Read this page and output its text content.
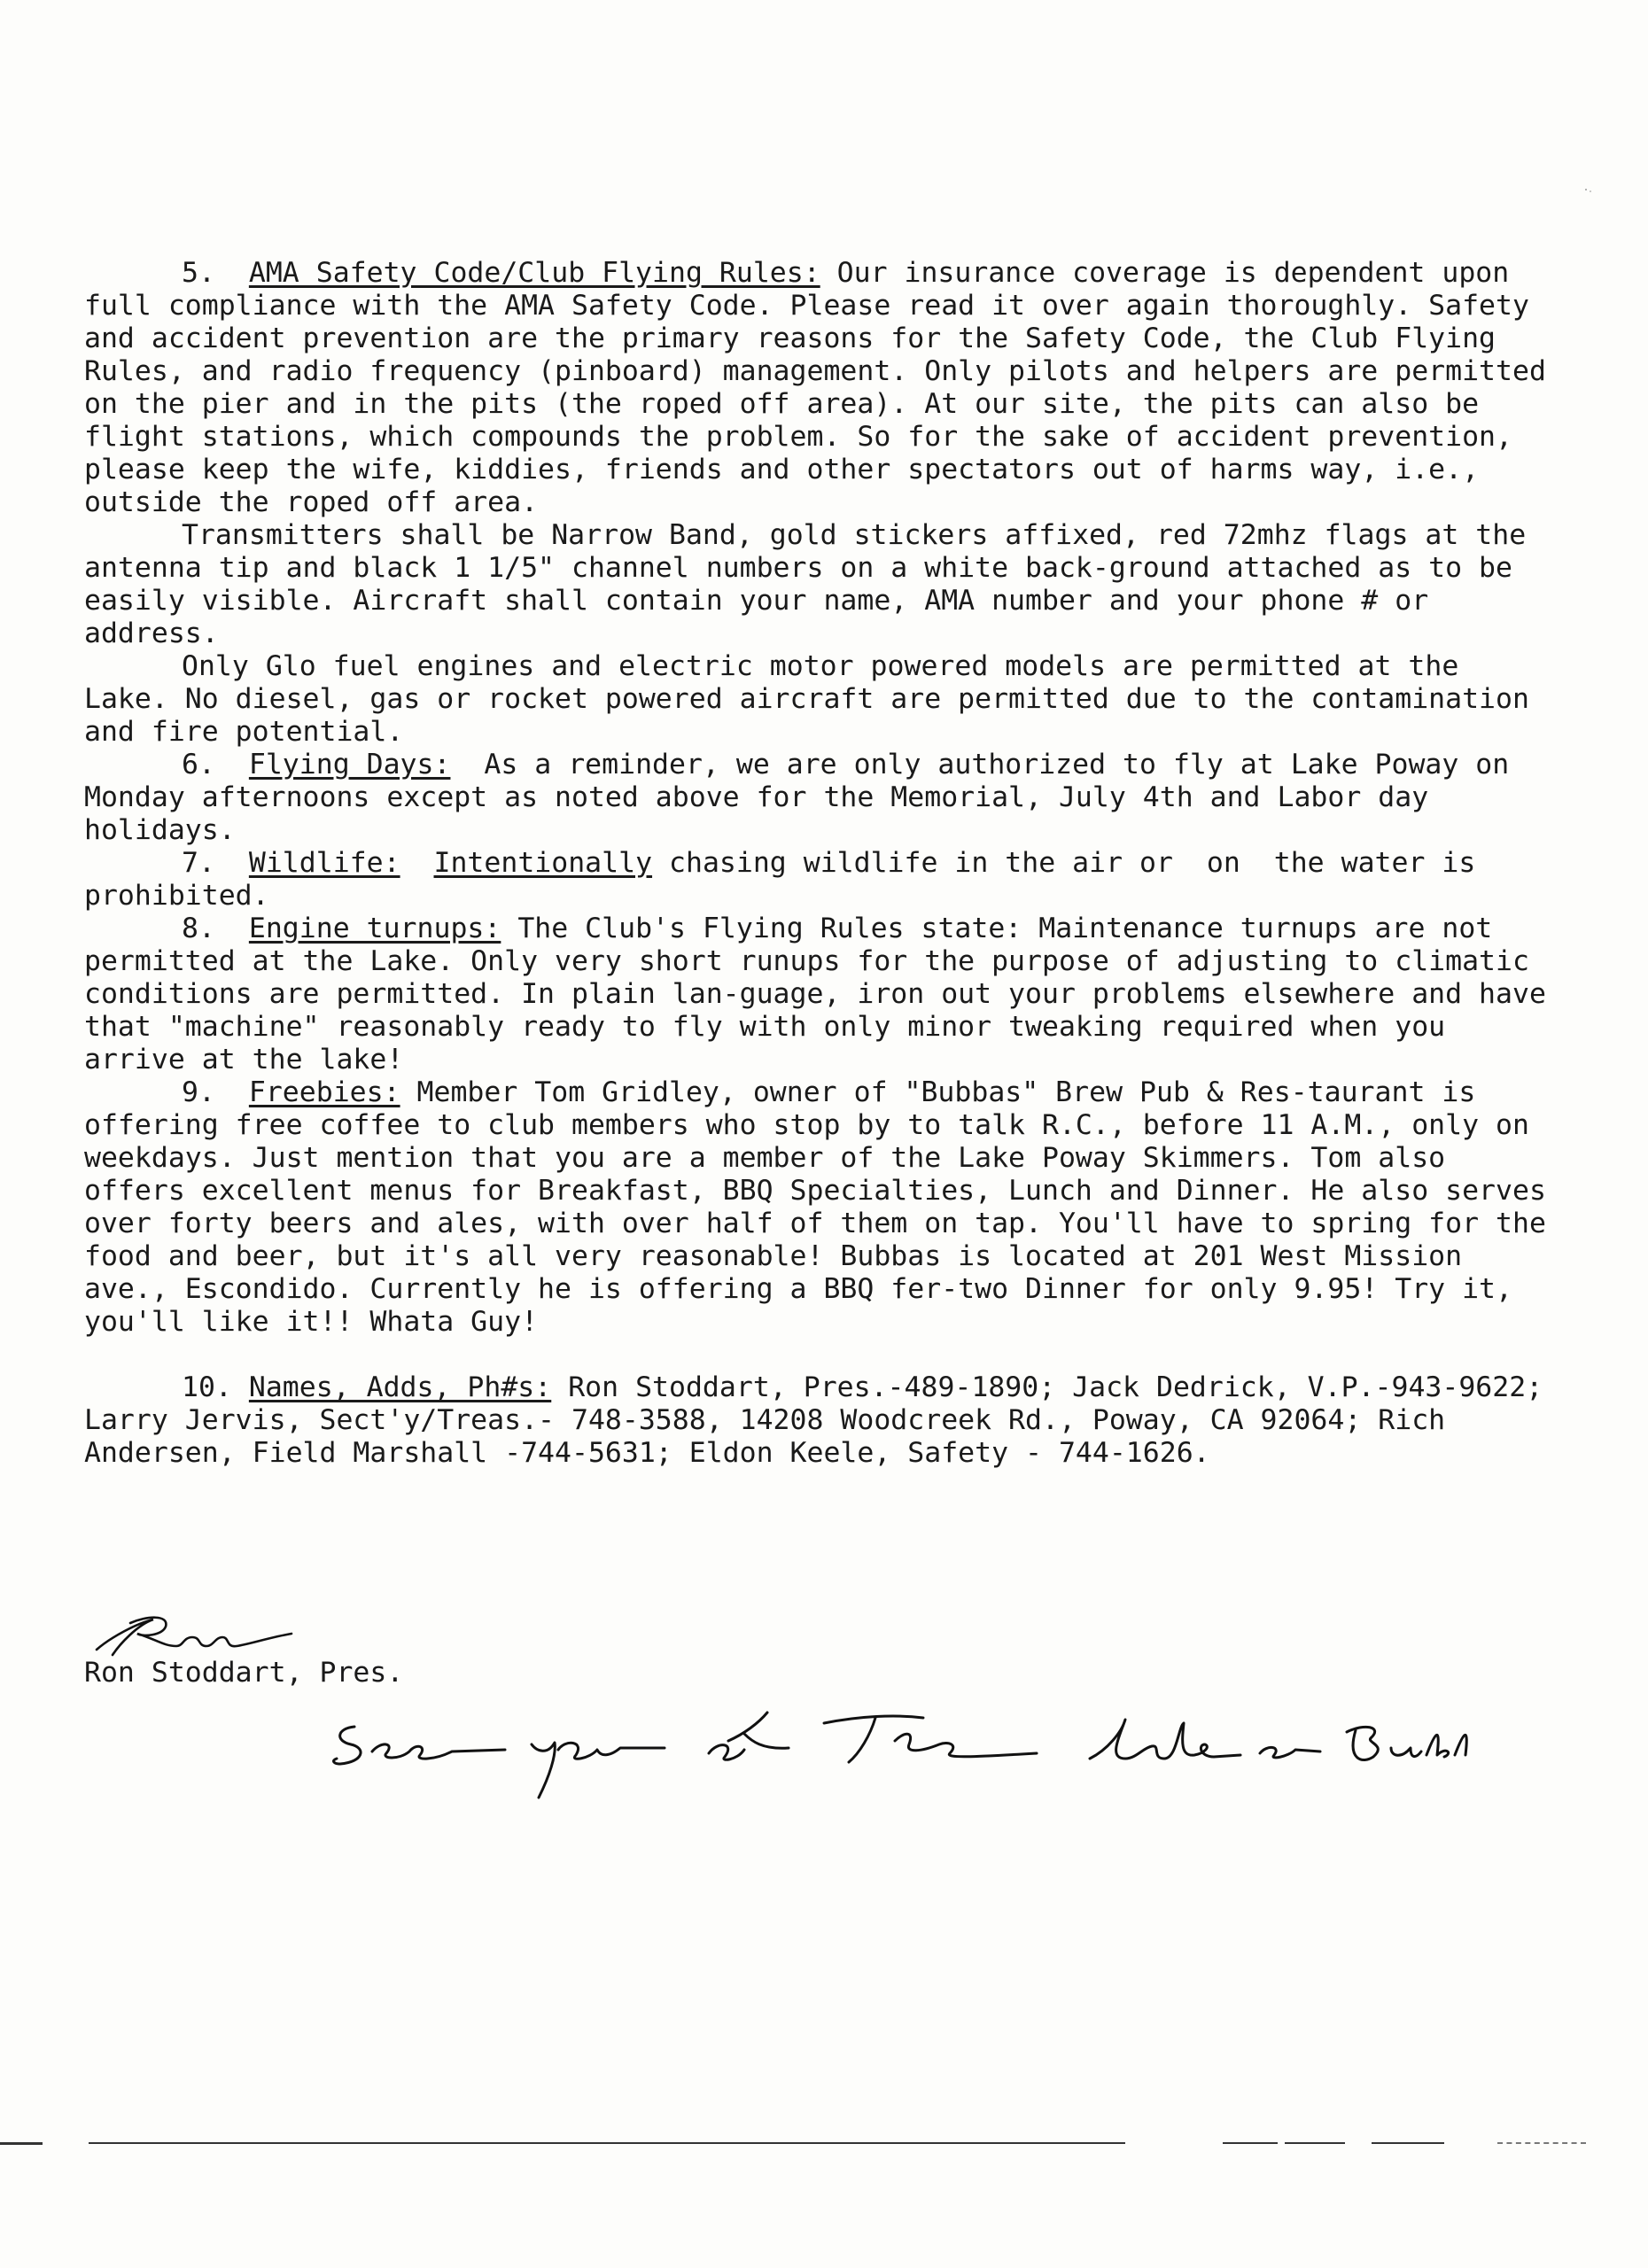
5. AMA Safety Code/Club Flying Rules: Our insurance coverage is dependent upon full compliance with the AMA Safety Code. Please read it over again thoroughly. Safety and accident prevention are the primary reasons for the Safety Code, the Club Flying Rules, and radio frequency (pinboard) management. Only pilots and helpers are permitted on the pier and in the pits (the roped off area). At our site, the pits can also be flight stations, which compounds the problem. So for the sake of accident prevention, please keep the wife, kiddies, friends and other spectators out of harms way, i.e., outside the roped off area.

Transmitters shall be Narrow Band, gold stickers affixed, red 72mhz flags at the antenna tip and black 1 1/5" channel numbers on a white back-ground attached as to be easily visible. Aircraft shall contain your name, AMA number and your phone # or address.

Only Glo fuel engines and electric motor powered models are permitted at the Lake. No diesel, gas or rocket powered aircraft are permitted due to the contamination and fire potential.

6. Flying Days: As a reminder, we are only authorized to fly at Lake Poway on Monday afternoons except as noted above for the Memorial, July 4th and Labor day holidays.

7. Wildlife: Intentionally chasing wildlife in the air or  on  the water is prohibited.

8. Engine turnups: The Club's Flying Rules state: Maintenance turnups are not permitted at the Lake. Only very short runups for the purpose of adjusting to climatic conditions are permitted. In plain lan-guage, iron out your problems elsewhere and have that "machine" reasonably ready to fly with only minor tweaking required when you arrive at the lake!

9. Freebies: Member Tom Gridley, owner of "Bubbas" Brew Pub & Res-taurant is offering free coffee to club members who stop by to talk R.C., before 11 A.M., only on weekdays. Just mention that you are a member of the Lake Poway Skimmers. Tom also offers excellent menus for Breakfast, BBQ Specialties, Lunch and Dinner. He also serves over forty beers and ales, with over half of them on tap. You'll have to spring for the food and beer, but it's all very reasonable! Bubbas is located at 201 West Mission ave., Escondido. Currently he is offering a BBQ fer-two Dinner for only 9.95! Try it, you'll like it!! Whata Guy!

10. Names, Adds, Ph#s: Ron Stoddart, Pres.-489-1890; Jack Dedrick, V.P.-943-9622; Larry Jervis, Sect'y/Treas.- 748-3588, 14208 Woodcreek Rd., Poway, CA 92064; Rich Andersen, Field Marshall -744-5631; Eldon Keele, Safety - 744-1626.

Ron Stoddart, Pres.
